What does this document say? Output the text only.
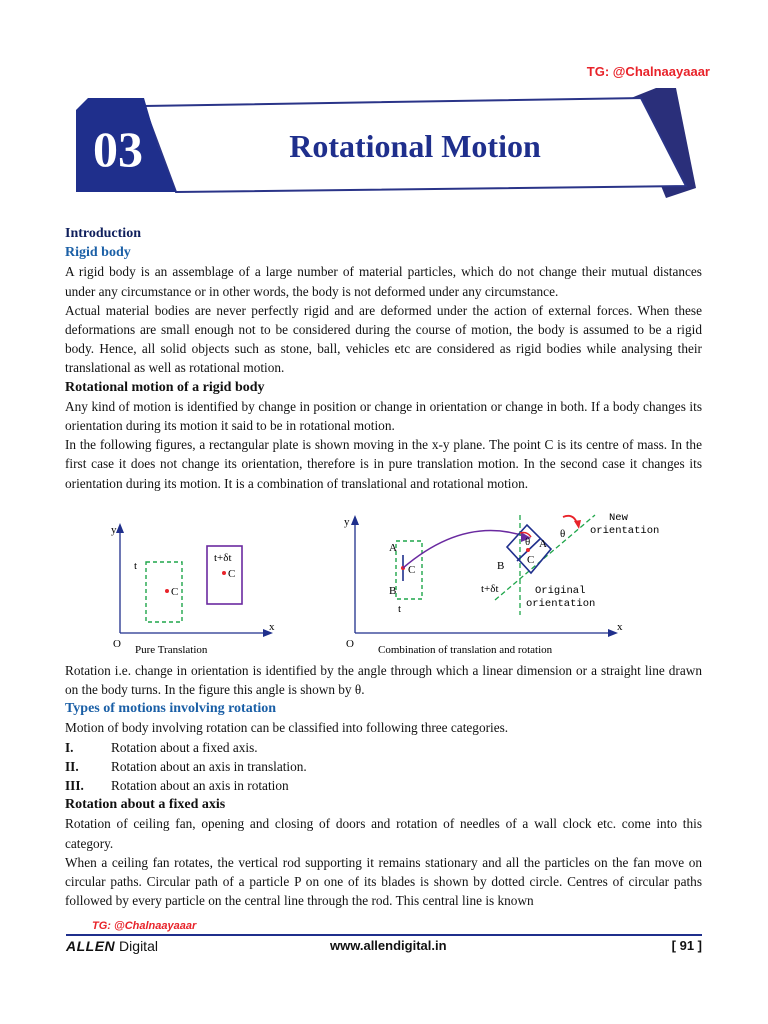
TG: @Chalnaayaaar
03	Rotational Motion
Introduction
Rigid body

A rigid body is an assemblage of a large number of material particles, which do not change their mutual distances under any circumstance or in other words, the body is not deformed under any circumstance.

Actual material bodies are never perfectly rigid and are deformed under the action of external forces. When these deformations are small enough not to be considered during the course of motion, the body is assumed to be a rigid body. Hence, all solid objects such as stone, ball, vehicles etc are considered as rigid bodies while analysing their translational as well as rotational motion.

Rotational motion of a rigid body

Any kind of motion is identified by change in position or change in orientation or change in both. If a body changes its orientation during its motion it said to be in rotational motion.

In the following figures, a rectangular plate is shown moving in the x-y plane. The point C is its centre of mass. In the first case it does not change its orientation, therefore is in pure translation motion. In the second case it changes its orientation during its motion. It is a combination of translational and rotational motion.

y
x
O
C
t
t+δt
C
Pure Translation
y
x
O
A
B
C
t
A
B C
t+δt
θ
θ
New
orientation
Original
orientation
Combination of translation and rotation

Rotation i.e. change in orientation is identified by the angle through which a linear dimension or a straight line drawn on the body turns. In the figure this angle is shown by θ.

Types of motions involving rotation

Motion of body involving rotation can be classified into following three categories.

I.	Rotation about a fixed axis.
II.	Rotation about an axis in translation.
III.	Rotation about an axis in rotation
Rotation about a fixed axis

Rotation of ceiling fan, opening and closing of doors and rotation of needles of a wall clock etc. come into this category.

When a ceiling fan rotates, the vertical rod supporting it remains stationary and all the particles on the fan move on circular paths. Circular path of a particle P on one of its blades is shown by dotted circle. Centres of circular paths followed by every particle on the central line through the rod. This central line is known

TG: @Chalnaayaaar
ALLEN Digital	www.allendigital.in	[ 91 ]
